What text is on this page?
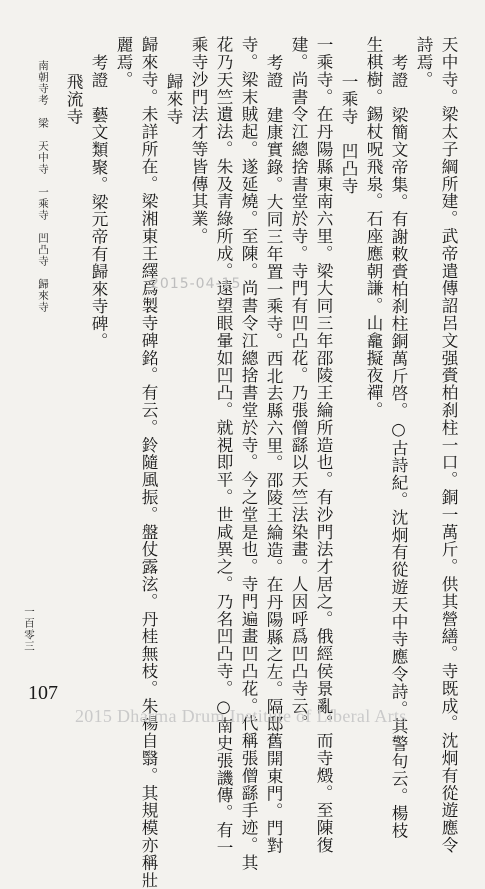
天中寺。梁太子綱所建。武帝遣傳詔呂文强賫柏刹柱一口。銅一萬斤。供其營繕。寺既成。沈炯有從遊應令
詩焉。
考證　梁簡文帝集。有謝敕賫柏刹柱銅萬斤啓。○古詩紀。沈炯有從遊天中寺應令詩。其警句云。楊枝
生棋樹。錫杖呪飛泉。石座應朝謙。山龕擬夜禪。
一乘寺　凹凸寺
一乘寺。在丹陽縣東南六里。梁大同三年邵陵王綸所造也。有沙門法才居之。俄經侯景亂。而寺燬。至陳復
建。尚書令江總捨書堂於寺。寺門有凹凸花。乃張僧繇以天竺法染畫。人因呼爲凹凸寺云。
考證　建康實錄。大同三年置一乘寺。西北去縣六里。邵陵王綸造。在丹陽縣之左。隔邸舊開東門。門對
寺。梁末賊起。遂延燒。至陳。尚書令江總捨書堂於寺。今之堂是也。寺門遍畫凹凸花。代稱張僧繇手迹。其
花乃天竺遺法。朱及青綠所成。遠望眼暈如凹凸。就視即平。世咸異之。乃名凹凸寺。○南史張譏傳。有一
乘寺沙門法才等皆傳其業。
歸來寺
歸來寺。未詳所在。梁湘東王繹爲製寺碑銘。有云。鈴隨風振。盤仗露泫。丹桂無枝。朱楊自翳。其規模亦稱壯
麗焉。
考證　藝文類聚。梁元帝有歸來寺碑。
飛流寺
南朝寺考　梁　天中寺　一乘寺　凹凸寺　歸來寺
一百零三
2015-04-15
107
2015 Dharma Drum Institute of Liberal Arts
